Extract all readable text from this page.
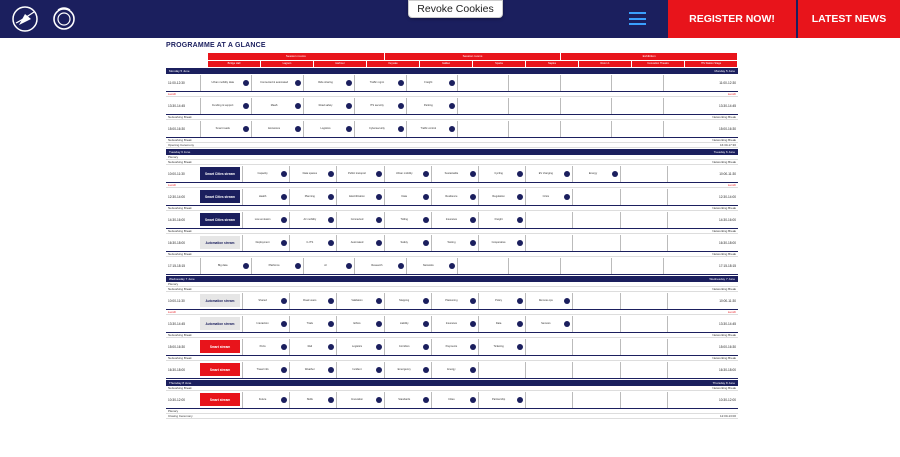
REGISTER NOW!	LATEST NEWS
Revoke Cookies
PROGRAMME AT A GLANCE
Session rooms	Session rooms	Exhibition
Bridge Hall	Lagoon	Harbour	Keyvate	Galileo	Sparta	Naples	Room 1	Innovation Theatre	ITS Station Stage
Monday 5 June	Monday 5 June
11:00-12:30	Urban mobility data	Connected & automated	Ride sharing	Traffic mgmt	Freight	11:00-12:30
Lunch	Lunch
13:30-14:45	Funding & support	MaaS	Road safety	ITS security	Parking	13:30-14:45
Networking Break	Networking Break
15:00-16:30	Smart roads	Emissions	Logistics	Cybersecurity	Traffic control	15:00-16:30
Networking Break	Networking Break
Opening Ceremony	16:30-17:30
Tuesday 6 June	Tuesday 6 June
Plenary
Networking Break	Networking Break
10:00-11:30	Smart Cities stream	Capacity	Data spaces	Public transport	Urban mobility	Sustainable	Cycling	EV charging	Energy	10:00-11:30
Lunch	Lunch
12:30-14:00	Smart Cities stream	Health	Planning	Electrification	Data	Resilience	Regulation	Crisis	12:30-14:00
Networking Break	Networking Break
14:30-16:00	Smart Cities stream	Low emission	Air mobility	Connected	Tolling	Insurance	Freight	14:30-16:00
Networking Break	Networking Break
16:30-18:00	Automation stream	Deployment	C-ITS	Automated	Safety	Testing	Cooperative	16:30-18:00
Networking Break	Networking Break
17:15-18:15	Big data	Platforms	AI	Research	Networks	17:15-18:15
Wednesday 7 June	Wednesday 7 June
Plenary
Networking Break	Networking Break
10:00-11:30	Automation stream	Shared	Road users	Validation	Mapping	Platooning	Policy	Remote ops	10:00-11:30
Lunch	Lunch
13:30-14:45	Automation stream	Interaction	Trials	Ethics	Liability	Insurance	Data	Sensors	13:30-14:45
Networking Break	Networking Break
15:00-16:30	Smart stream	Ports	Rail	Logistics	Corridors	Payments	Ticketing	15:00-16:30
Networking Break	Networking Break
16:30-18:00	Smart stream	Travel info	Weather	Incident	Emergency	Energy	16:30-18:00
Thursday 8 June	Thursday 8 June
Networking Break	Networking Break
10:30-12:00	Smart stream	Future	Skills	Innovation	Standards	Cities	Partnership	10:30-12:00
Plenary
Closing Ceremony	12:00-13:00
